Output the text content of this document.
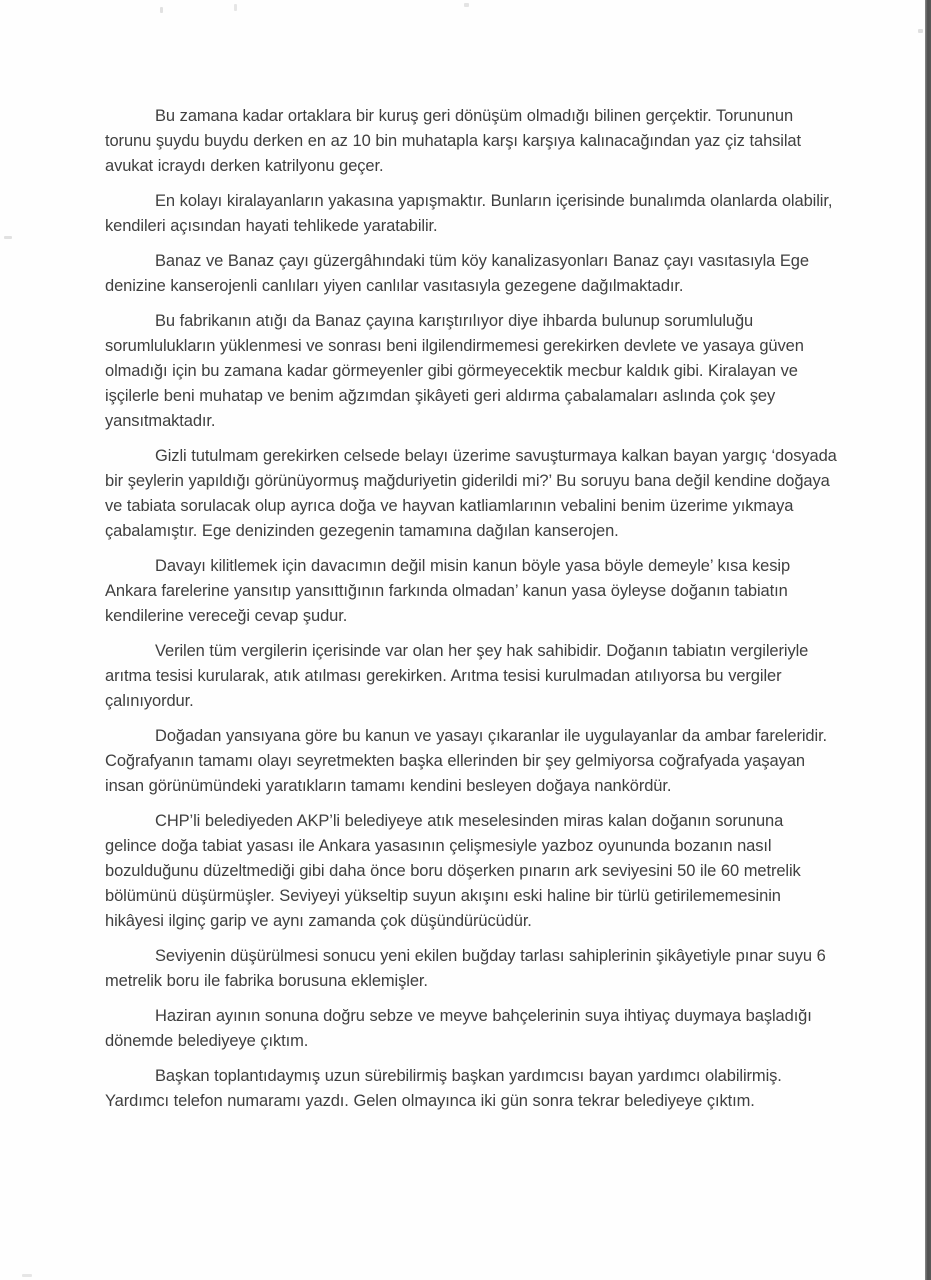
Bu zamana kadar ortaklara bir kuruş geri dönüşüm olmadığı bilinen gerçektir. Torununun torunu şuydu buydu derken en az 10 bin muhatapla karşı karşıya kalınacağından yaz çiz tahsilat avukat icraydı derken katrilyonu geçer.

En kolayı kiralayanların yakasına yapışmaktır. Bunların içerisinde bunalımda olanlarda olabilir, kendileri açısından hayati tehlikede yaratabilir.

Banaz ve Banaz çayı güzergâhındaki tüm köy kanalizasyonları Banaz çayı vasıtasıyla Ege denizine kanserojenli canlıları yiyen canlılar vasıtasıyla gezegene dağılmaktadır.

Bu fabrikanın atığı da Banaz çayına karıştırılıyor diye ihbarda bulunup sorumluluğu sorumlulukların yüklenmesi ve sonrası beni ilgilendirmemesi gerekirken devlete ve yasaya güven olmadığı için bu zamana kadar görmeyenler gibi görmeyecektik mecbur kaldık gibi. Kiralayan ve işçilerle beni muhatap ve benim ağzımdan şikâyeti geri aldırma çabalamaları aslında çok şey yansıtmaktadır.

Gizli tutulmam gerekirken celsede belayı üzerime savuşturmaya kalkan bayan yargıç ‘dosyada bir şeylerin yapıldığı görünüyormuş mağduriyetin giderildi mi?’ Bu soruyu bana değil kendine doğaya ve tabiata sorulacak olup ayrıca doğa ve hayvan katliamlarının vebalini benim üzerime yıkmaya çabalamıştır. Ege denizinden gezegenin tamamına dağılan kanserojen.

Davayı kilitlemek için davacımın değil misin kanun böyle yasa böyle demeyle’ kısa kesip Ankara farelerine yansıtıp yansıttığının farkında olmadan’ kanun yasa öyleyse doğanın tabiatın kendilerine vereceği cevap şudur.

Verilen tüm vergilerin içerisinde var olan her şey hak sahibidir. Doğanın tabiatın vergileriyle arıtma tesisi kurularak, atık atılması gerekirken. Arıtma tesisi kurulmadan atılıyorsa bu vergiler çalınıyordur.

Doğadan yansıyana göre bu kanun ve yasayı çıkaranlar ile uygulayanlar da ambar fareleridir. Coğrafyanın tamamı olayı seyretmekten başka ellerinden bir şey gelmiyorsa coğrafyada yaşayan insan görünümündeki yaratıkların tamamı kendini besleyen doğaya nankördür.

CHP’li belediyeden AKP’li belediyeye atık meselesinden miras kalan doğanın sorununa gelince doğa tabiat yasası ile Ankara yasasının çelişmesiyle yazboz oyununda bozanın nasıl bozulduğunu düzeltmediği gibi daha önce boru döşerken pınarın ark seviyesini 50 ile 60 metrelik bölümünü düşürmüşler. Seviyeyi yükseltip suyun akışını eski haline bir türlü getirilememesinin hikâyesi ilginç garip ve aynı zamanda çok düşündürücüdür.

Seviyenin düşürülmesi sonucu yeni ekilen buğday tarlası sahiplerinin şikâyetiyle pınar suyu 6 metrelik boru ile fabrika borusuna eklemişler.

Haziran ayının sonuna doğru sebze ve meyve bahçelerinin suya ihtiyaç duymaya başladığı dönemde belediyeye çıktım.

Başkan toplantıdaymış uzun sürebilirmiş başkan yardımcısı bayan yardımcı olabilirmiş. Yardımcı telefon numaramı yazdı. Gelen olmayınca iki gün sonra tekrar belediyeye çıktım.
